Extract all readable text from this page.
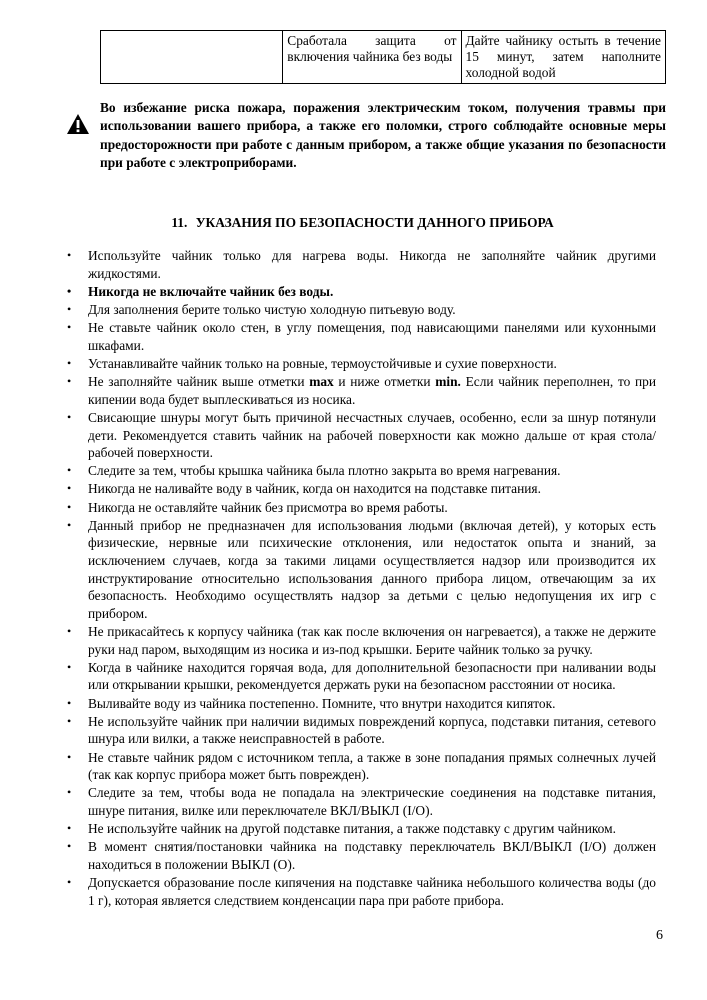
	Сработала защита от включения чайника без воды	Дайте чайнику остыть в течение 15 минут, затем наполните холодной водой
Во избежание риска пожара, поражения электрическим током, получения травмы при использовании вашего прибора, а также его поломки, строго соблюдайте основные меры предосторожности при работе с данным прибором, а также общие указания по безопасности при работе с электроприборами.
11. УКАЗАНИЯ ПО БЕЗОПАСНОСТИ ДАННОГО ПРИБОРА
• Используйте чайник только для нагрева воды. Никогда не заполняйте чайник другими жидкостями.
• Никогда не включайте чайник без воды.
• Для заполнения берите только чистую холодную питьевую воду.
• Не ставьте чайник около стен, в углу помещения, под нависающими панелями или кухонными шкафами.
• Устанавливайте чайник только на ровные, термоустойчивые и сухие поверхности.
• Не заполняйте чайник выше отметки max и ниже отметки min. Если чайник переполнен, то при кипении вода будет выплескиваться из носика.
• Свисающие шнуры могут быть причиной несчастных случаев, особенно, если за шнур потянули дети. Рекомендуется ставить чайник на рабочей поверхности как можно дальше от края стола/рабочей поверхности.
• Следите за тем, чтобы крышка чайника была плотно закрыта во время нагревания.
• Никогда не наливайте воду в чайник, когда он находится на подставке питания.
• Никогда не оставляйте чайник без присмотра во время работы.
• Данный прибор не предназначен для использования людьми (включая детей), у которых есть физические, нервные или психические отклонения, или недостаток опыта и знаний, за исключением случаев, когда за такими лицами осуществляется надзор или производится их инструктирование относительно использования данного прибора лицом, отвечающим за их безопасность. Необходимо осуществлять надзор за детьми с целью недопущения их игр с прибором.
• Не прикасайтесь к корпусу чайника (так как после включения он нагревается), а также не держите руки над паром, выходящим из носика и из-под крышки. Берите чайник только за ручку.
• Когда в чайнике находится горячая вода, для дополнительной безопасности при наливании воды или открывании крышки, рекомендуется держать руки на безопасном расстоянии от носика.
• Выливайте воду из чайника постепенно. Помните, что внутри находится кипяток.
• Не используйте чайник при наличии видимых повреждений корпуса, подставки питания, сетевого шнура или вилки, а также неисправностей в работе.
• Не ставьте чайник рядом с источником тепла, а также в зоне попадания прямых солнечных лучей (так как корпус прибора может быть поврежден).
• Следите за тем, чтобы вода не попадала на электрические соединения на подставке питания, шнуре питания, вилке или переключателе ВКЛ/ВЫКЛ (I/O).
• Не используйте чайник на другой подставке питания, а также подставку с другим чайником.
• В момент снятия/постановки чайника на подставку переключатель ВКЛ/ВЫКЛ (I/O) должен находиться в положении ВЫКЛ (O).
• Допускается образование после кипячения на подставке чайника небольшого количества воды (до 1 г), которая является следствием конденсации пара при работе прибора.
6
